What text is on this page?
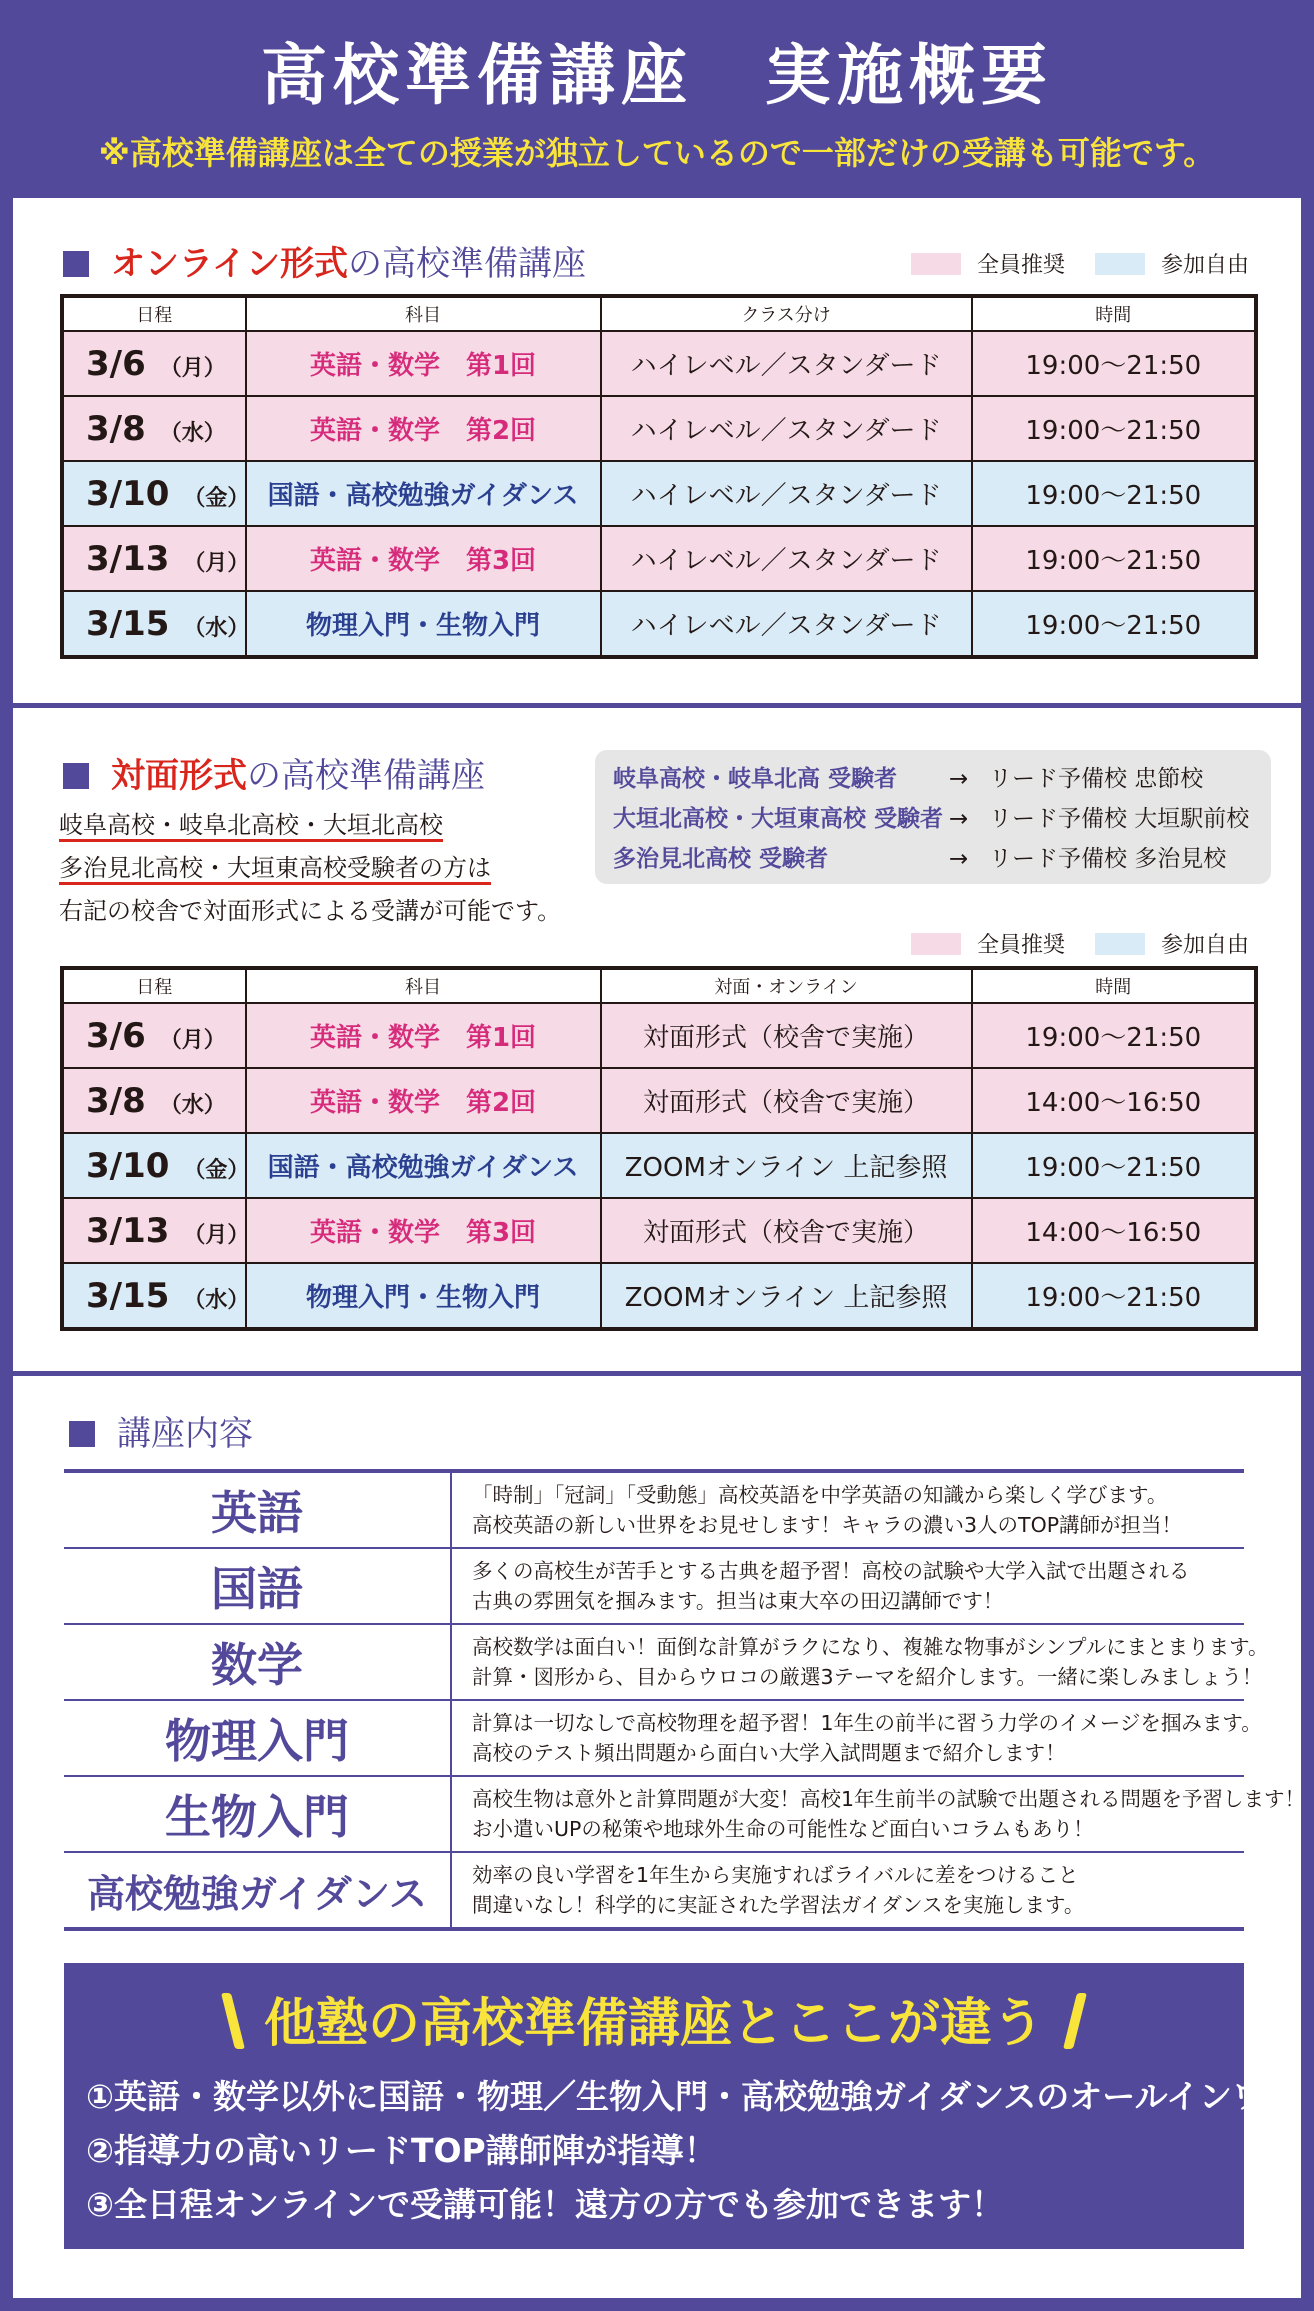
高校準備講座　実施概要
※高校準備講座は全ての授業が独立しているので一部だけの受講も可能です。
オンライン形式の高校準備講座	全員推奨	参加自由
日程	科目	クラス分け	時間
3/6 （月）	英語・数学　第1回	ハイレベル／スタンダード	19:00〜21:50
3/8 （水）	英語・数学　第2回	ハイレベル／スタンダード	19:00〜21:50
3/10 （金）	国語・高校勉強ガイダンス	ハイレベル／スタンダード	19:00〜21:50
3/13 （月）	英語・数学　第3回	ハイレベル／スタンダード	19:00〜21:50
3/15 （水）	物理入門・生物入門	ハイレベル／スタンダード	19:00〜21:50
対面形式の高校準備講座
岐阜高校・岐阜北高校・大垣北高校
多治見北高校・大垣東高校受験者の方は
右記の校舎で対面形式による受講が可能です。
岐阜高校・岐阜北高 受験者 → リード予備校 忠節校
大垣北高校・大垣東高校 受験者 → リード予備校 大垣駅前校
多治見北高校 受験者	→ リード予備校 多治見校
全員推奨	参加自由
日程	科目	対面・オンライン	時間
3/6 （月）	英語・数学　第1回	対面形式（校舎で実施）	19:00〜21:50
3/8 （水）	英語・数学　第2回	対面形式（校舎で実施）	14:00〜16:50
3/10 （金）	国語・高校勉強ガイダンス	ZOOMオンライン 上記参照	19:00〜21:50
3/13 （月）	英語・数学　第3回	対面形式（校舎で実施）	14:00〜16:50
3/15 （水）	物理入門・生物入門	ZOOMオンライン 上記参照	19:00〜21:50
講座内容
英語	「時制」「冠詞」「受動態」高校英語を中学英語の知識から楽しく学びます。
高校英語の新しい世界をお見せします！キャラの濃い3人のTOP講師が担当！

国語	多くの高校生が苦手とする古典を超予習！高校の試験や大学入試で出題される
古典の雰囲気を掴みます。担当は東大卒の田辺講師です！

数学	高校数学は面白い！面倒な計算がラクになり、複雑な物事がシンプルにまとまります。
計算・図形から、目からウロコの厳選3テーマを紹介します。一緒に楽しみましょう！

物理入門	計算は一切なしで高校物理を超予習！1年生の前半に習う力学のイメージを掴みます。
高校のテスト頻出問題から面白い大学入試問題まで紹介します！

生物入門	高校生物は意外と計算問題が大変！高校1年生前半の試験で出題される問題を予習します！
お小遣いUPの秘策や地球外生命の可能性など面白いコラムもあり！

高校勉強ガイダンス	効率の良い学習を1年生から実施すればライバルに差をつけること
間違いなし！科学的に実証された学習法ガイダンスを実施します。
他塾の高校準備講座とここが違う
①英語・数学以外に国語・物理／生物入門・高校勉強ガイダンスのオールインワン
②指導力の高いリードTOP講師陣が指導！
③全日程オンラインで受講可能！遠方の方でも参加できます！
